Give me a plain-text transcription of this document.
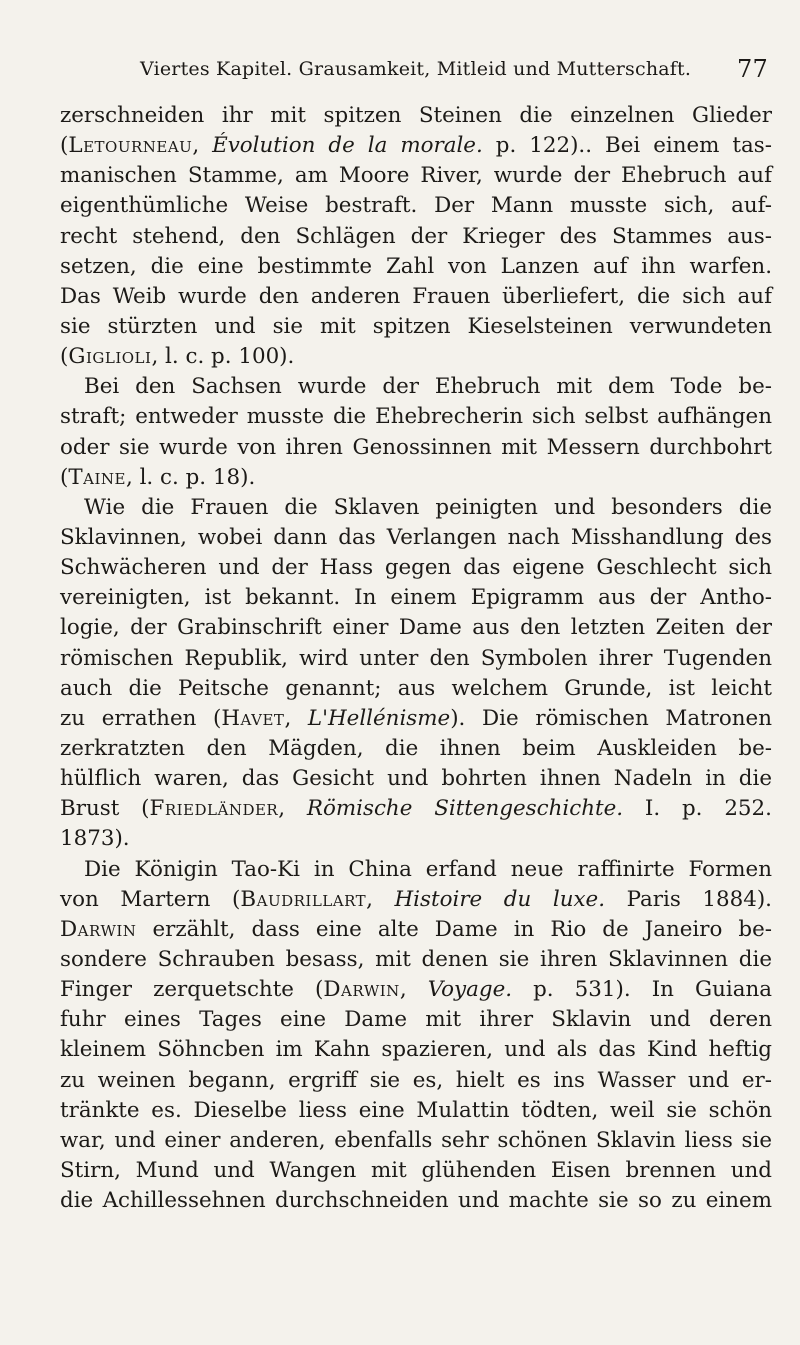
Viertes Kapitel. Grausamkeit, Mitleid und Mutterschaft. 77
zerschneiden ihr mit spitzen Steinen die einzelnen Glieder
(Letourneau, Évolution de la morale. p. 122).. Bei einem tas-
manischen Stamme, am Moore River, wurde der Ehebruch auf
eigenthümliche Weise bestraft. Der Mann musste sich, auf-
recht stehend, den Schlägen der Krieger des Stammes aus-
setzen, die eine bestimmte Zahl von Lanzen auf ihn warfen.
Das Weib wurde den anderen Frauen überliefert, die sich auf
sie stürzten und sie mit spitzen Kieselsteinen verwundeten
(Giglioli, l. c. p. 100).
Bei den Sachsen wurde der Ehebruch mit dem Tode be-
straft; entweder musste die Ehebrecherin sich selbst aufhängen
oder sie wurde von ihren Genossinnen mit Messern durchbohrt
(Taine, l. c. p. 18).
Wie die Frauen die Sklaven peinigten und besonders die
Sklavinnen, wobei dann das Verlangen nach Misshandlung des
Schwächeren und der Hass gegen das eigene Geschlecht sich
vereinigten, ist bekannt. In einem Epigramm aus der Antho-
logie, der Grabinschrift einer Dame aus den letzten Zeiten der
römischen Republik, wird unter den Symbolen ihrer Tugenden
auch die Peitsche genannt; aus welchem Grunde, ist leicht
zu errathen (Havet, L'Hellénisme). Die römischen Matronen
zerkratzten den Mägden, die ihnen beim Auskleiden be-
hülflich waren, das Gesicht und bohrten ihnen Nadeln in die
Brust (Friedländer, Römische Sittengeschichte. I. p. 252.
1873).
Die Königin Tao-Ki in China erfand neue raffinirte Formen
von Martern (Baudrillart, Histoire du luxe. Paris 1884).
Darwin erzählt, dass eine alte Dame in Rio de Janeiro be-
sondere Schrauben besass, mit denen sie ihren Sklavinnen die
Finger zerquetschte (Darwin, Voyage. p. 531). In Guiana
fuhr eines Tages eine Dame mit ihrer Sklavin und deren
kleinem Söhncben im Kahn spazieren, und als das Kind heftig
zu weinen begann, ergriff sie es, hielt es ins Wasser und er-
tränkte es. Dieselbe liess eine Mulattin tödten, weil sie schön
war, und einer anderen, ebenfalls sehr schönen Sklavin liess sie
Stirn, Mund und Wangen mit glühenden Eisen brennen und
die Achillessehnen durchschneiden und machte sie so zu einem
